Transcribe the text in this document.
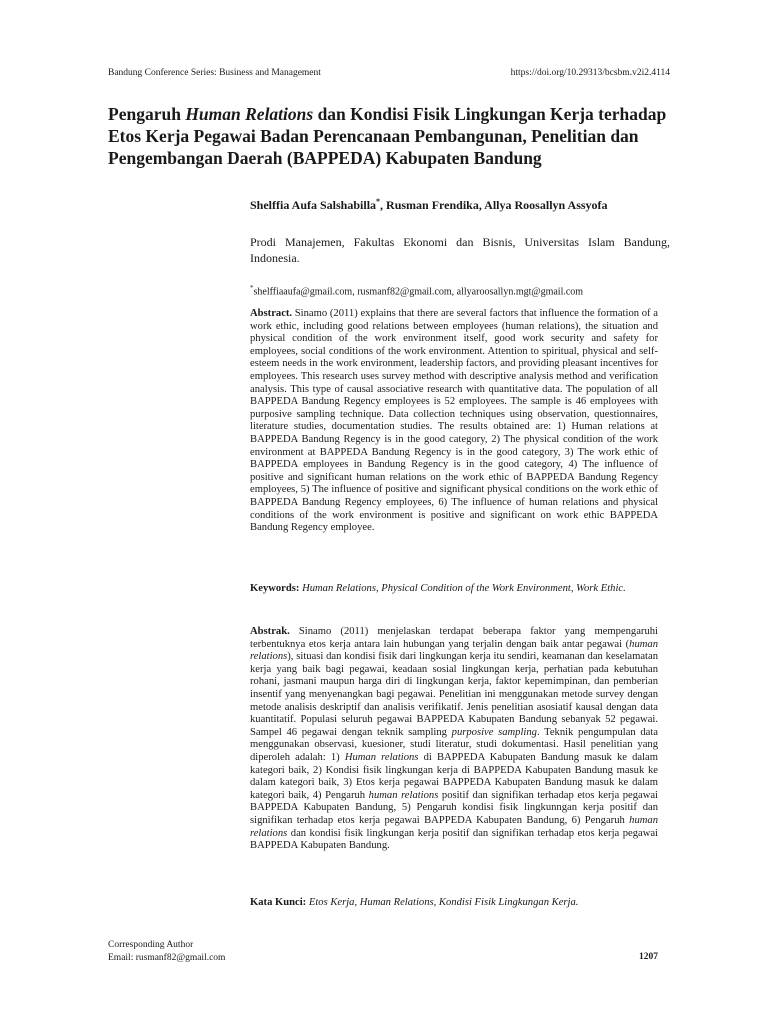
Bandung Conference Series: Business and Management	https://doi.org/10.29313/bcsbm.v2i2.4114
Pengaruh Human Relations dan Kondisi Fisik Lingkungan Kerja terhadap Etos Kerja Pegawai Badan Perencanaan Pembangunan, Penelitian dan Pengembangan Daerah (BAPPEDA) Kabupaten Bandung
Shelffia Aufa Salshabilla*, Rusman Frendika, Allya Roosallyn Assyofa
Prodi Manajemen, Fakultas Ekonomi dan Bisnis, Universitas Islam Bandung, Indonesia.
*shelffiaaufa@gmail.com, rusmanf82@gmail.com, allyaroosallyn.mgt@gmail.com

Abstract. Sinamo (2011) explains that there are several factors that influence the formation of a work ethic, including good relations between employees (human relations), the situation and physical condition of the work environment itself, good work security and safety for employees, social conditions of the work environment. Attention to spiritual, physical and self-esteem needs in the work environment, leadership factors, and providing pleasant incentives for employees. This research uses survey method with descriptive analysis method and verification analysis. This type of causal associative research with quantitative data. The population of all BAPPEDA Bandung Regency employees is 52 employees. The sample is 46 employees with purposive sampling technique. Data collection techniques using observation, questionnaires, literature studies, documentation studies. The results obtained are: 1) Human relations at BAPPEDA Bandung Regency is in the good category, 2) The physical condition of the work environment at BAPPEDA Bandung Regency is in the good category, 3) The work ethic of BAPPEDA employees in Bandung Regency is in the good category, 4) The influence of positive and significant human relations on the work ethic of BAPPEDA Bandung Regency employees, 5) The influence of positive and significant physical conditions on the work ethic of BAPPEDA Bandung Regency employees, 6) The influence of human relations and physical conditions of the work environment is positive and significant on work ethic BAPPEDA Bandung Regency employee.

Keywords: Human Relations, Physical Condition of the Work Environment, Work Ethic.

Abstrak. Sinamo (2011) menjelaskan terdapat beberapa faktor yang mempengaruhi terbentuknya etos kerja antara lain hubungan yang terjalin dengan baik antar pegawai (human relations), situasi dan kondisi fisik dari lingkungan kerja itu sendiri, keamanan dan keselamatan kerja yang baik bagi pegawai, keadaan sosial lingkungan kerja, perhatian pada kebutuhan rohani, jasmani maupun harga diri di lingkungan kerja, faktor kepemimpinan, dan pemberian insentif yang menyenangkan bagi pegawai. Penelitian ini menggunakan metode survey dengan metode analisis deskriptif dan analisis verifikatif. Jenis penelitian asosiatif kausal dengan data kuantitatif. Populasi seluruh pegawai BAPPEDA Kabupaten Bandung sebanyak 52 pegawai. Sampel 46 pegawai dengan teknik sampling purposive sampling. Teknik pengumpulan data menggunakan observasi, kuesioner, studi literatur, studi dokumentasi. Hasil penelitian yang diperoleh adalah: 1) Human relations di BAPPEDA Kabupaten Bandung masuk ke dalam kategori baik, 2) Kondisi fisik lingkungan kerja di BAPPEDA Kabupaten Bandung masuk ke dalam kategori baik, 3) Etos kerja pegawai BAPPEDA Kabupaten Bandung masuk ke dalam kategori baik, 4) Pengaruh human relations positif dan signifikan terhadap etos kerja pegawai BAPPEDA Kabupaten Bandung, 5) Pengaruh kondisi fisik lingkunngan kerja positif dan signifikan terhadap etos kerja pegawai BAPPEDA Kabupaten Bandung, 6) Pengaruh human relations dan kondisi fisik lingkungan kerja positif dan signifikan terhadap etos kerja pegawai BAPPEDA Kabupaten Bandung.

Kata Kunci: Etos Kerja, Human Relations, Kondisi Fisik Lingkungan Kerja.

Corresponding Author
Email: rusmanf82@gmail.com	1207
